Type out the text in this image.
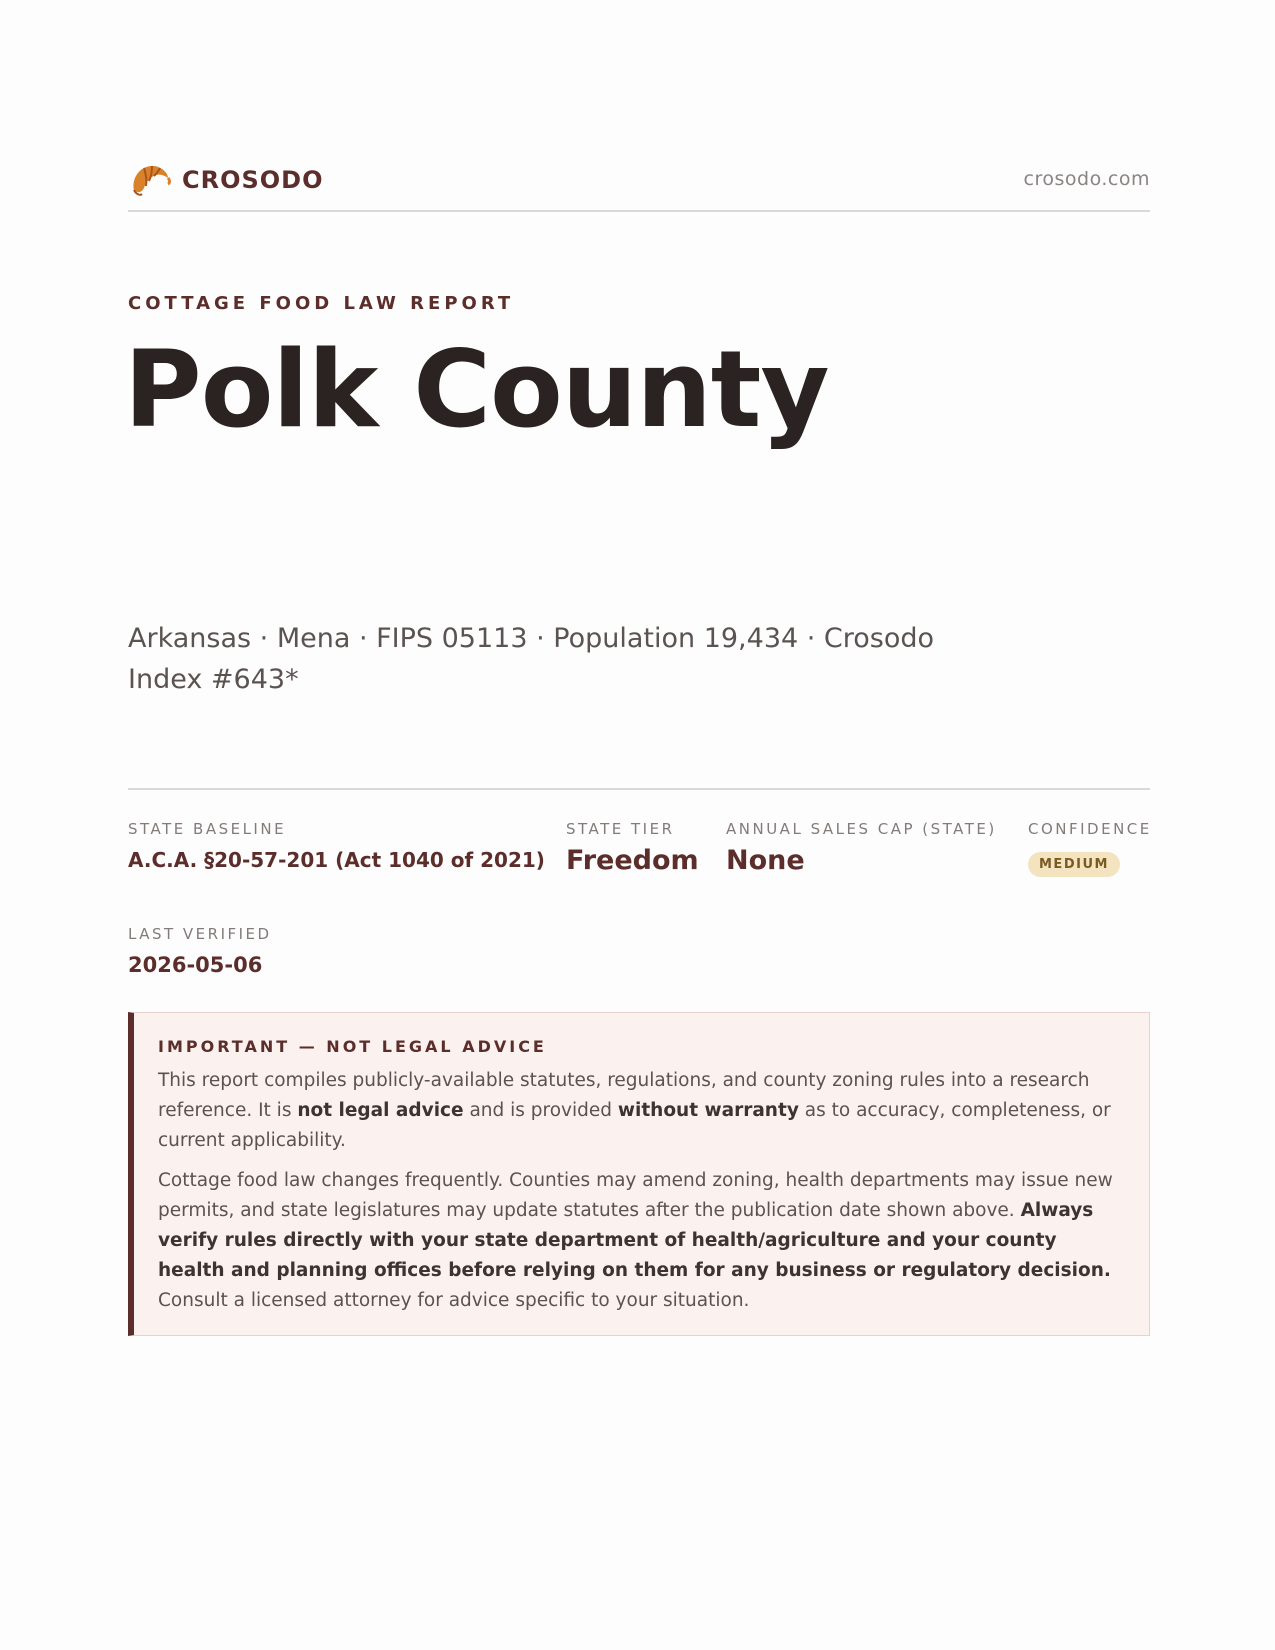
CROSODO	crosodo.com
COTTAGE FOOD LAW REPORT
Polk County
Arkansas · Mena · FIPS 05113 · Population 19,434 · Crosodo Index #643*
STATE BASELINE
A.C.A. §20-57-201 (Act 1040 of 2021)
STATE TIER
Freedom
ANNUAL SALES CAP (STATE)
None
CONFIDENCE
MEDIUM
LAST VERIFIED
2026-05-06
IMPORTANT — NOT LEGAL ADVICE

This report compiles publicly-available statutes, regulations, and county zoning rules into a research reference. It is not legal advice and is provided without warranty as to accuracy, completeness, or current applicability.

Cottage food law changes frequently. Counties may amend zoning, health departments may issue new permits, and state legislatures may update statutes after the publication date shown above. Always verify rules directly with your state department of health/agriculture and your county health and planning offices before relying on them for any business or regulatory decision. Consult a licensed attorney for advice specific to your situation.
